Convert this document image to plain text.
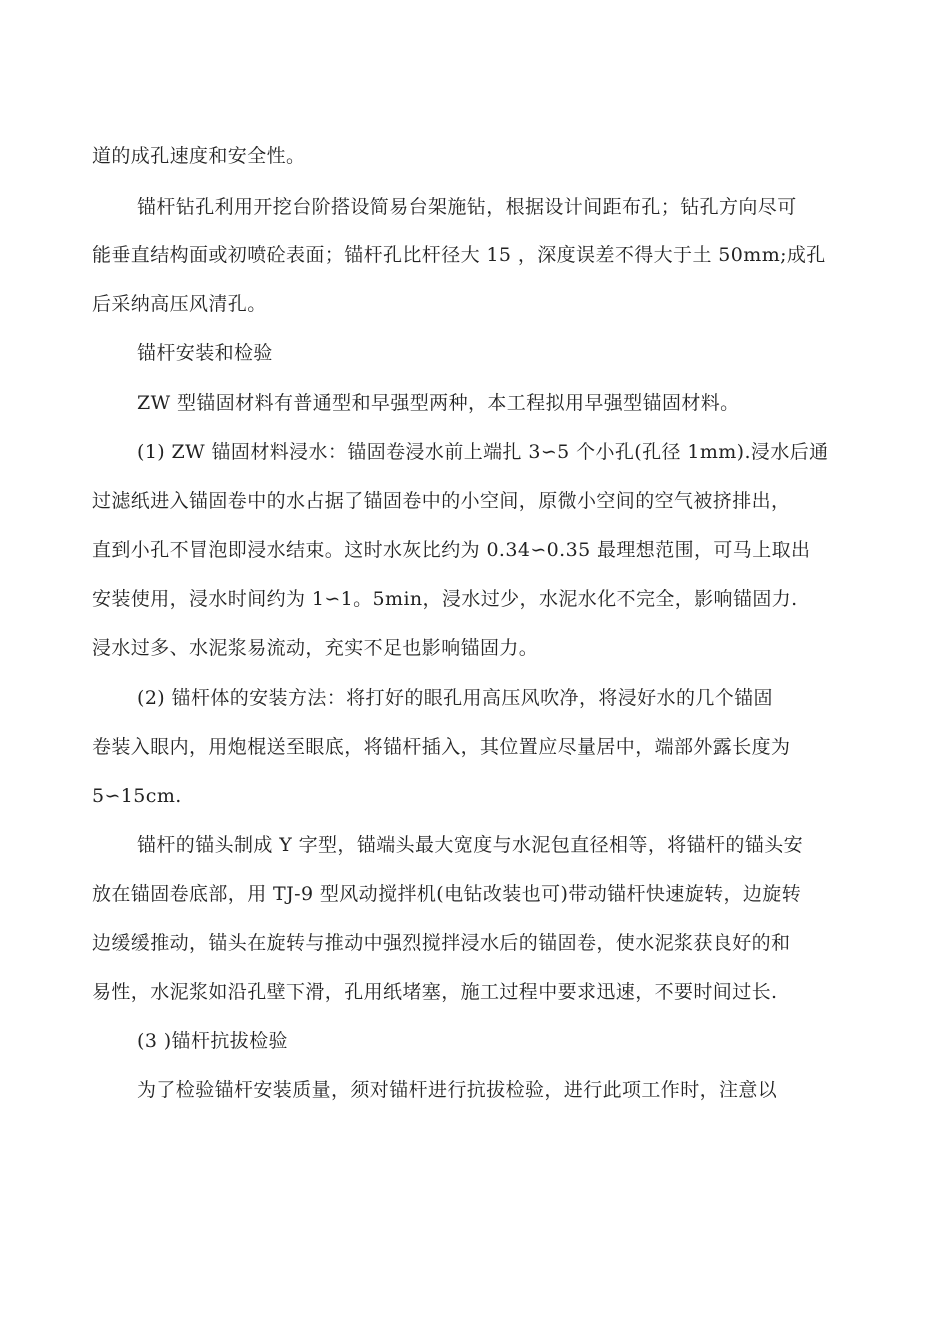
道的成孔速度和安全性。
锚杆钻孔利用开挖台阶搭设简易台架施钻，根据设计间距布孔；钻孔方向尽可
能垂直结构面或初喷砼表面；锚杆孔比杆径大 15 ，深度误差不得大于土 50mm;成孔
后采纳高压风清孔。
锚杆安装和检验
ZW 型锚固材料有普通型和早强型两种，本工程拟用早强型锚固材料。
(1) ZW 锚固材料浸水：锚固卷浸水前上端扎 3∽5 个小孔(孔径 1mm).浸水后通
过滤纸进入锚固卷中的水占据了锚固卷中的小空间，原微小空间的空气被挤排出，
直到小孔不冒泡即浸水结束。这时水灰比约为 0.34∽0.35 最理想范围，可马上取出
安装使用，浸水时间约为 1∽1。5min，浸水过少，水泥水化不完全，影响锚固力.
浸水过多、水泥浆易流动，充实不足也影响锚固力。
(2) 锚杆体的安装方法：将打好的眼孔用高压风吹净，将浸好水的几个锚固
卷装入眼内，用炮棍送至眼底，将锚杆插入，其位置应尽量居中，端部外露长度为
5∽15cm.
锚杆的锚头制成 Y 字型，锚端头最大宽度与水泥包直径相等，将锚杆的锚头安
放在锚固卷底部，用 TJ-9 型风动搅拌机(电钻改装也可)带动锚杆快速旋转，边旋转
边缓缓推动，锚头在旋转与推动中强烈搅拌浸水后的锚固卷，使水泥浆获良好的和
易性，水泥浆如沿孔壁下滑，孔用纸堵塞，施工过程中要求迅速，不要时间过长.
(3 )锚杆抗拔检验
为了检验锚杆安装质量，须对锚杆进行抗拔检验，进行此项工作时，注意以
